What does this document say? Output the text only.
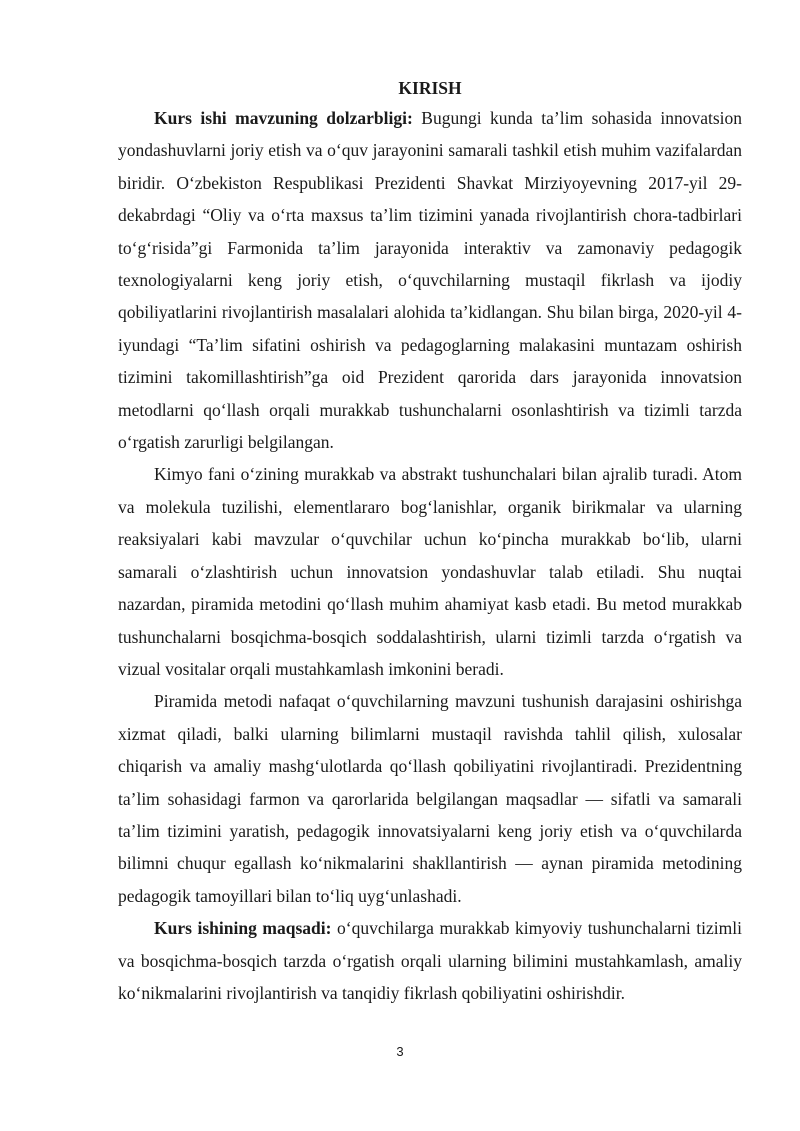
KIRISH

Kurs ishi mavzuning dolzarbligi: Bugungi kunda ta’lim sohasida innovatsion yondashuvlarni joriy etish va o‘quv jarayonini samarali tashkil etish muhim vazifalardan biridir. O‘zbekiston Respublikasi Prezidenti Shavkat Mirziyoyevning 2017-yil 29-dekabrdagi “Oliy va o‘rta maxsus ta’lim tizimini yanada rivojlantirish chora-tadbirlari to‘g‘risida”gi Farmonida ta’lim jarayonida interaktiv va zamonaviy pedagogik texnologiyalarni keng joriy etish, o‘quvchilarning mustaqil fikrlash va ijodiy qobiliyatlarini rivojlantirish masalalari alohida ta’kidlangan. Shu bilan birga, 2020-yil 4-iyundagi “Ta’lim sifatini oshirish va pedagoglarning malakasini muntazam oshirish tizimini takomillashtirish”ga oid Prezident qarorida dars jarayonida innovatsion metodlarni qo‘llash orqali murakkab tushunchalarni osonlashtirish va tizimli tarzda o‘rgatish zarurligi belgilangan.

Kimyo fani o‘zining murakkab va abstrakt tushunchalari bilan ajralib turadi. Atom va molekula tuzilishi, elementlararo bog‘lanishlar, organik birikmalar va ularning reaksiyalari kabi mavzular o‘quvchilar uchun ko‘pincha murakkab bo‘lib, ularni samarali o‘zlashtirish uchun innovatsion yondashuvlar talab etiladi. Shu nuqtai nazardan, piramida metodini qo‘llash muhim ahamiyat kasb etadi. Bu metod murakkab tushunchalarni bosqichma-bosqich soddalashtirish, ularni tizimli tarzda o‘rgatish va vizual vositalar orqali mustahkamlash imkonini beradi.

Piramida metodi nafaqat o‘quvchilarning mavzuni tushunish darajasini oshirishga xizmat qiladi, balki ularning bilimlarni mustaqil ravishda tahlil qilish, xulosalar chiqarish va amaliy mashg‘ulotlarda qo‘llash qobiliyatini rivojlantiradi. Prezidentning ta’lim sohasidagi farmon va qarorlarida belgilangan maqsadlar — sifatli va samarali ta’lim tizimini yaratish, pedagogik innovatsiyalarni keng joriy etish va o‘quvchilarda bilimni chuqur egallash ko‘nikmalarini shakllantirish — aynan piramida metodining pedagogik tamoyillari bilan to‘liq uyg‘unlashadi.

Kurs ishining maqsadi: o‘quvchilarga murakkab kimyoviy tushunchalarni tizimli va bosqichma-bosqich tarzda o‘rgatish orqali ularning bilimini mustahkamlash, amaliy ko‘nikmalarini rivojlantirish va tanqidiy fikrlash qobiliyatini oshirishdir.

3
